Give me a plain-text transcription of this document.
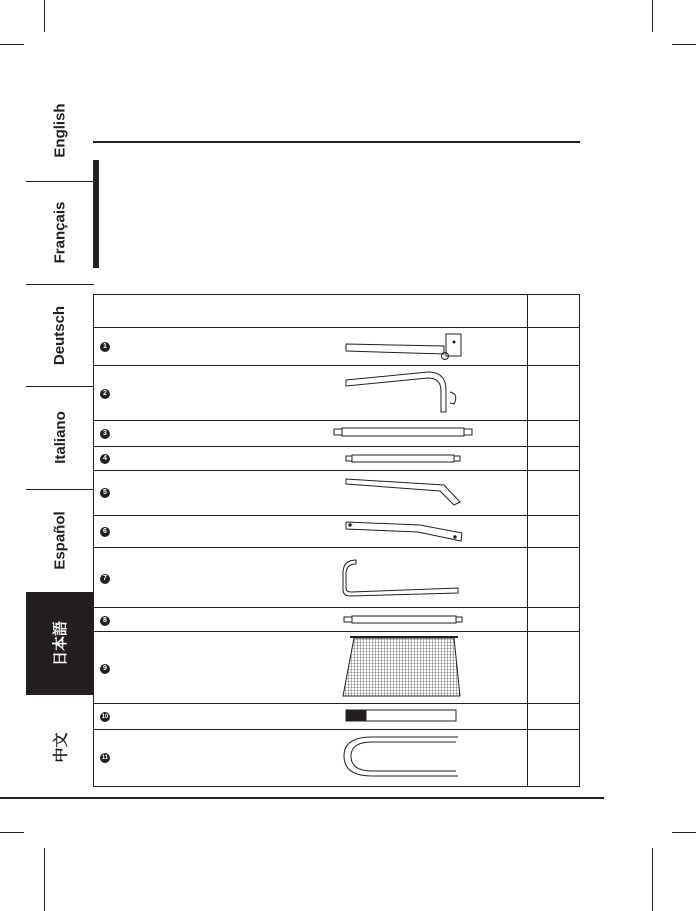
English
Français
Deutsch
Italiano
Español
日本語
中文
1
2
3
4
5
6
7
8
9
10
11
